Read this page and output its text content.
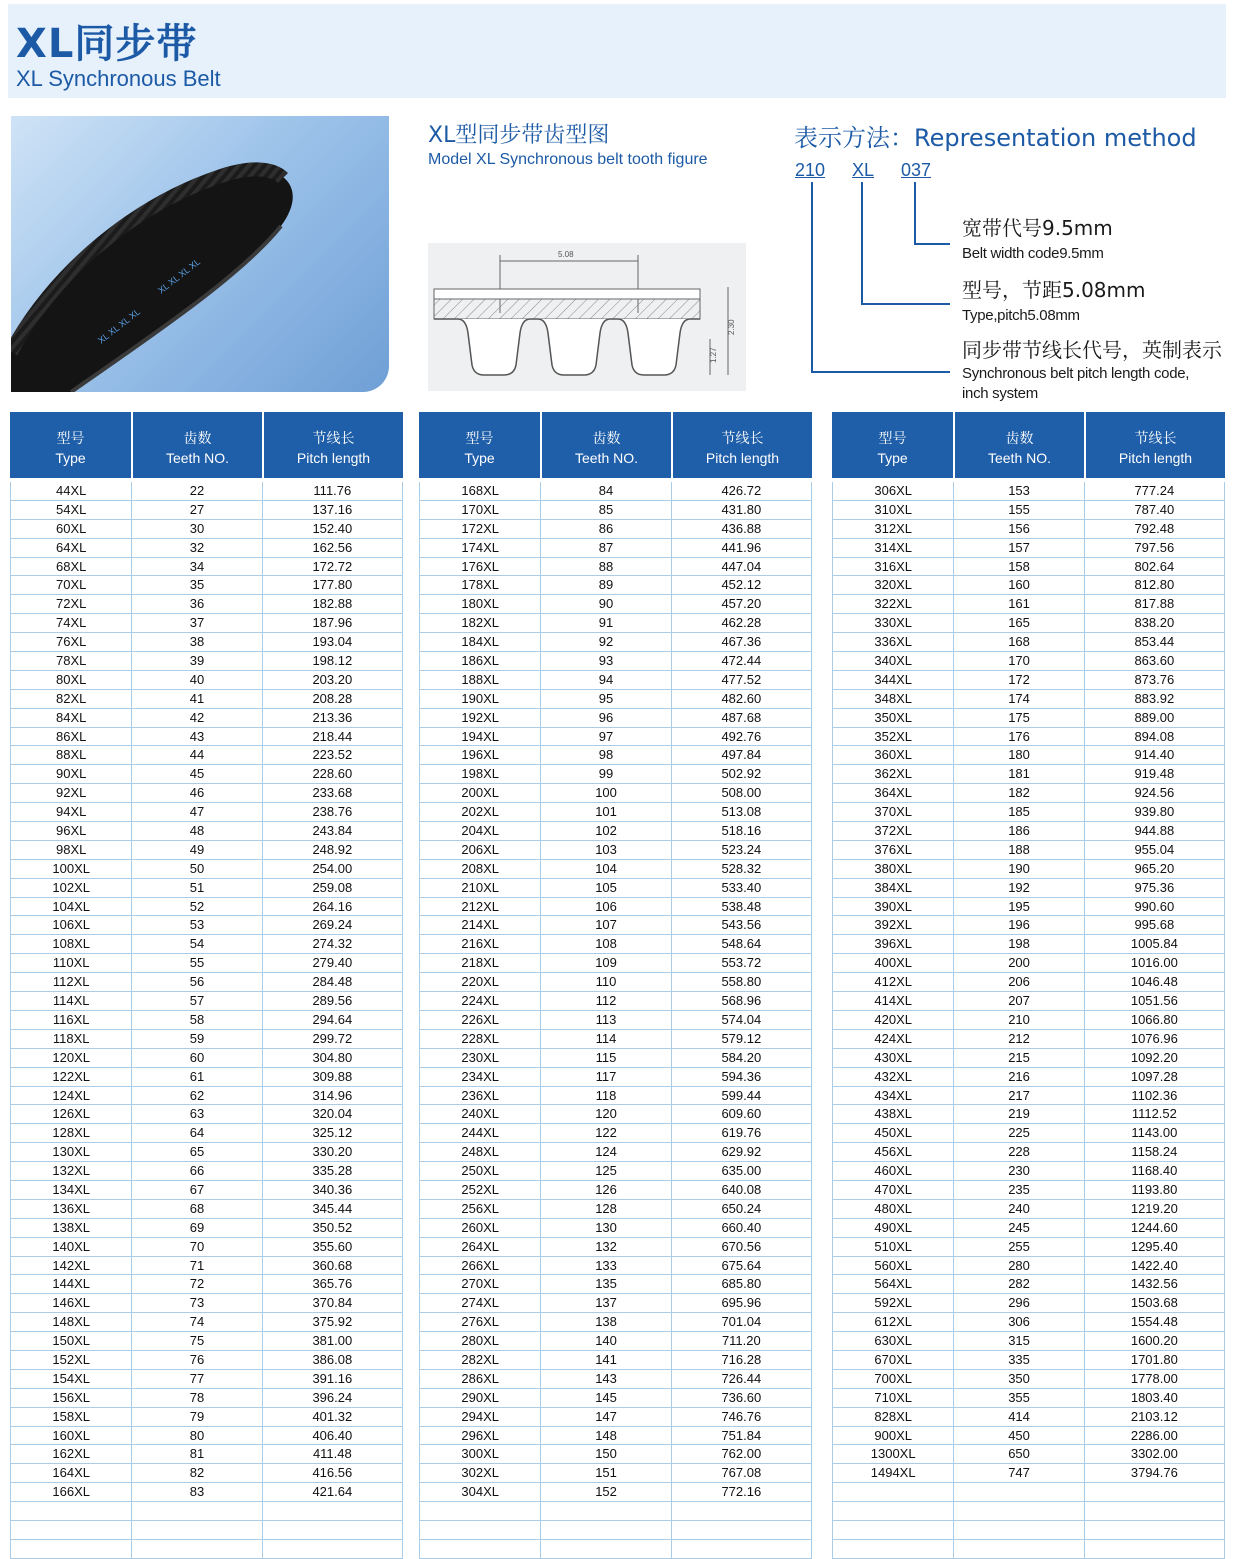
XL同步带
XL Synchronous Belt
XL XL XL XL
XL XL XL XL
XL型同步带齿型图
Model XL Synchronous belt tooth figure
5.08
2.30
1.27
表示方法：Representation method
210 XL 037
宽带代号9.5mm
Belt width code9.5mm
型号，节距5.08mm
Type,pitch5.08mm
同步带节线长代号，英制表示
Synchronous belt pitch length code,
inch system
型号
Type
齿数
Teeth NO.
节线长
Pitch length
44XL	22	111.76
54XL	27	137.16
60XL	30	152.40
64XL	32	162.56
68XL	34	172.72
70XL	35	177.80
72XL	36	182.88
74XL	37	187.96
76XL	38	193.04
78XL	39	198.12
80XL	40	203.20
82XL	41	208.28
84XL	42	213.36
86XL	43	218.44
88XL	44	223.52
90XL	45	228.60
92XL	46	233.68
94XL	47	238.76
96XL	48	243.84
98XL	49	248.92
100XL	50	254.00
102XL	51	259.08
104XL	52	264.16
106XL	53	269.24
108XL	54	274.32
110XL	55	279.40
112XL	56	284.48
114XL	57	289.56
116XL	58	294.64
118XL	59	299.72
120XL	60	304.80
122XL	61	309.88
124XL	62	314.96
126XL	63	320.04
128XL	64	325.12
130XL	65	330.20
132XL	66	335.28
134XL	67	340.36
136XL	68	345.44
138XL	69	350.52
140XL	70	355.60
142XL	71	360.68
144XL	72	365.76
146XL	73	370.84
148XL	74	375.92
150XL	75	381.00
152XL	76	386.08
154XL	77	391.16
156XL	78	396.24
158XL	79	401.32
160XL	80	406.40
162XL	81	411.48
164XL	82	416.56
166XL	83	421.64
型号
Type
齿数
Teeth NO.
节线长
Pitch length
168XL	84	426.72
170XL	85	431.80
172XL	86	436.88
174XL	87	441.96
176XL	88	447.04
178XL	89	452.12
180XL	90	457.20
182XL	91	462.28
184XL	92	467.36
186XL	93	472.44
188XL	94	477.52
190XL	95	482.60
192XL	96	487.68
194XL	97	492.76
196XL	98	497.84
198XL	99	502.92
200XL	100	508.00
202XL	101	513.08
204XL	102	518.16
206XL	103	523.24
208XL	104	528.32
210XL	105	533.40
212XL	106	538.48
214XL	107	543.56
216XL	108	548.64
218XL	109	553.72
220XL	110	558.80
224XL	112	568.96
226XL	113	574.04
228XL	114	579.12
230XL	115	584.20
234XL	117	594.36
236XL	118	599.44
240XL	120	609.60
244XL	122	619.76
248XL	124	629.92
250XL	125	635.00
252XL	126	640.08
256XL	128	650.24
260XL	130	660.40
264XL	132	670.56
266XL	133	675.64
270XL	135	685.80
274XL	137	695.96
276XL	138	701.04
280XL	140	711.20
282XL	141	716.28
286XL	143	726.44
290XL	145	736.60
294XL	147	746.76
296XL	148	751.84
300XL	150	762.00
302XL	151	767.08
304XL	152	772.16
型号
Type
齿数
Teeth NO.
节线长
Pitch length
306XL	153	777.24
310XL	155	787.40
312XL	156	792.48
314XL	157	797.56
316XL	158	802.64
320XL	160	812.80
322XL	161	817.88
330XL	165	838.20
336XL	168	853.44
340XL	170	863.60
344XL	172	873.76
348XL	174	883.92
350XL	175	889.00
352XL	176	894.08
360XL	180	914.40
362XL	181	919.48
364XL	182	924.56
370XL	185	939.80
372XL	186	944.88
376XL	188	955.04
380XL	190	965.20
384XL	192	975.36
390XL	195	990.60
392XL	196	995.68
396XL	198	1005.84
400XL	200	1016.00
412XL	206	1046.48
414XL	207	1051.56
420XL	210	1066.80
424XL	212	1076.96
430XL	215	1092.20
432XL	216	1097.28
434XL	217	1102.36
438XL	219	1112.52
450XL	225	1143.00
456XL	228	1158.24
460XL	230	1168.40
470XL	235	1193.80
480XL	240	1219.20
490XL	245	1244.60
510XL	255	1295.40
560XL	280	1422.40
564XL	282	1432.56
592XL	296	1503.68
612XL	306	1554.48
630XL	315	1600.20
670XL	335	1701.80
700XL	350	1778.00
710XL	355	1803.40
828XL	414	2103.12
900XL	450	2286.00
1300XL	650	3302.00
1494XL	747	3794.76
